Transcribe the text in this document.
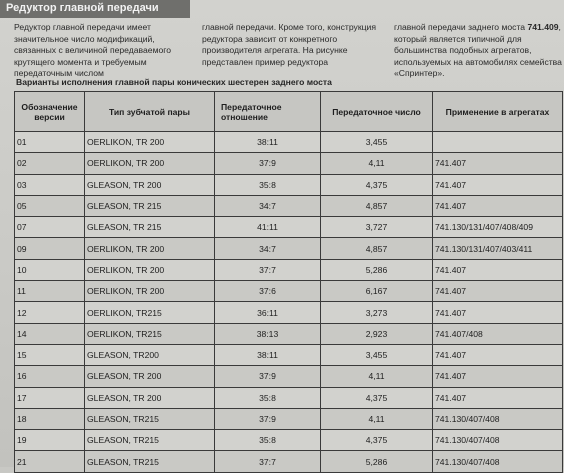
Редуктор главной передачи

Редуктор главной передачи имеет значительное число модификаций, связанных с величиной передаваемого крутящего момента и требуемым передаточным числом

главной передачи. Кроме того, конструкция редуктора зависит от конкретного производителя агрегата. На рисунке представлен пример редуктора

главной передачи заднего моста 741.409, который является типичной для большинства подобных агрегатов, используемых на автомобилях семейства «Спринтер».

Варианты исполнения главной пары конических шестерен заднего моста
Обозначение версии	Тип зубчатой пары	Передаточное отношение	Передаточное число	Применение в агрегатах
01	OERLIKON, TR 200	38:11	3,455	
02	OERLIKON, TR 200	37:9	4,11	741.407
03	GLEASON, TR 200	35:8	4,375	741.407
05	GLEASON, TR 215	34:7	4,857	741.407
07	GLEASON, TR 215	41:11	3,727	741.130/131/407/408/409
09	OERLIKON, TR 200	34:7	4,857	741.130/131/407/403/411
10	OERLIKON, TR 200	37:7	5,286	741.407
11	OERLIKON, TR 200	37:6	6,167	741.407
12	OERLIKON, TR215	36:11	3,273	741.407
14	OERLIKON, TR215	38:13	2,923	741.407/408
15	GLEASON, TR200	38:11	3,455	741.407
16	GLEASON, TR 200	37:9	4,11	741.407
17	GLEASON, TR 200	35:8	4,375	741.407
18	GLEASON, TR215	37:9	4,11	741.130/407/408
19	GLEASON, TR215	35:8	4,375	741.130/407/408
21	GLEASON, TR215	37:7	5,286	741.130/407/408
